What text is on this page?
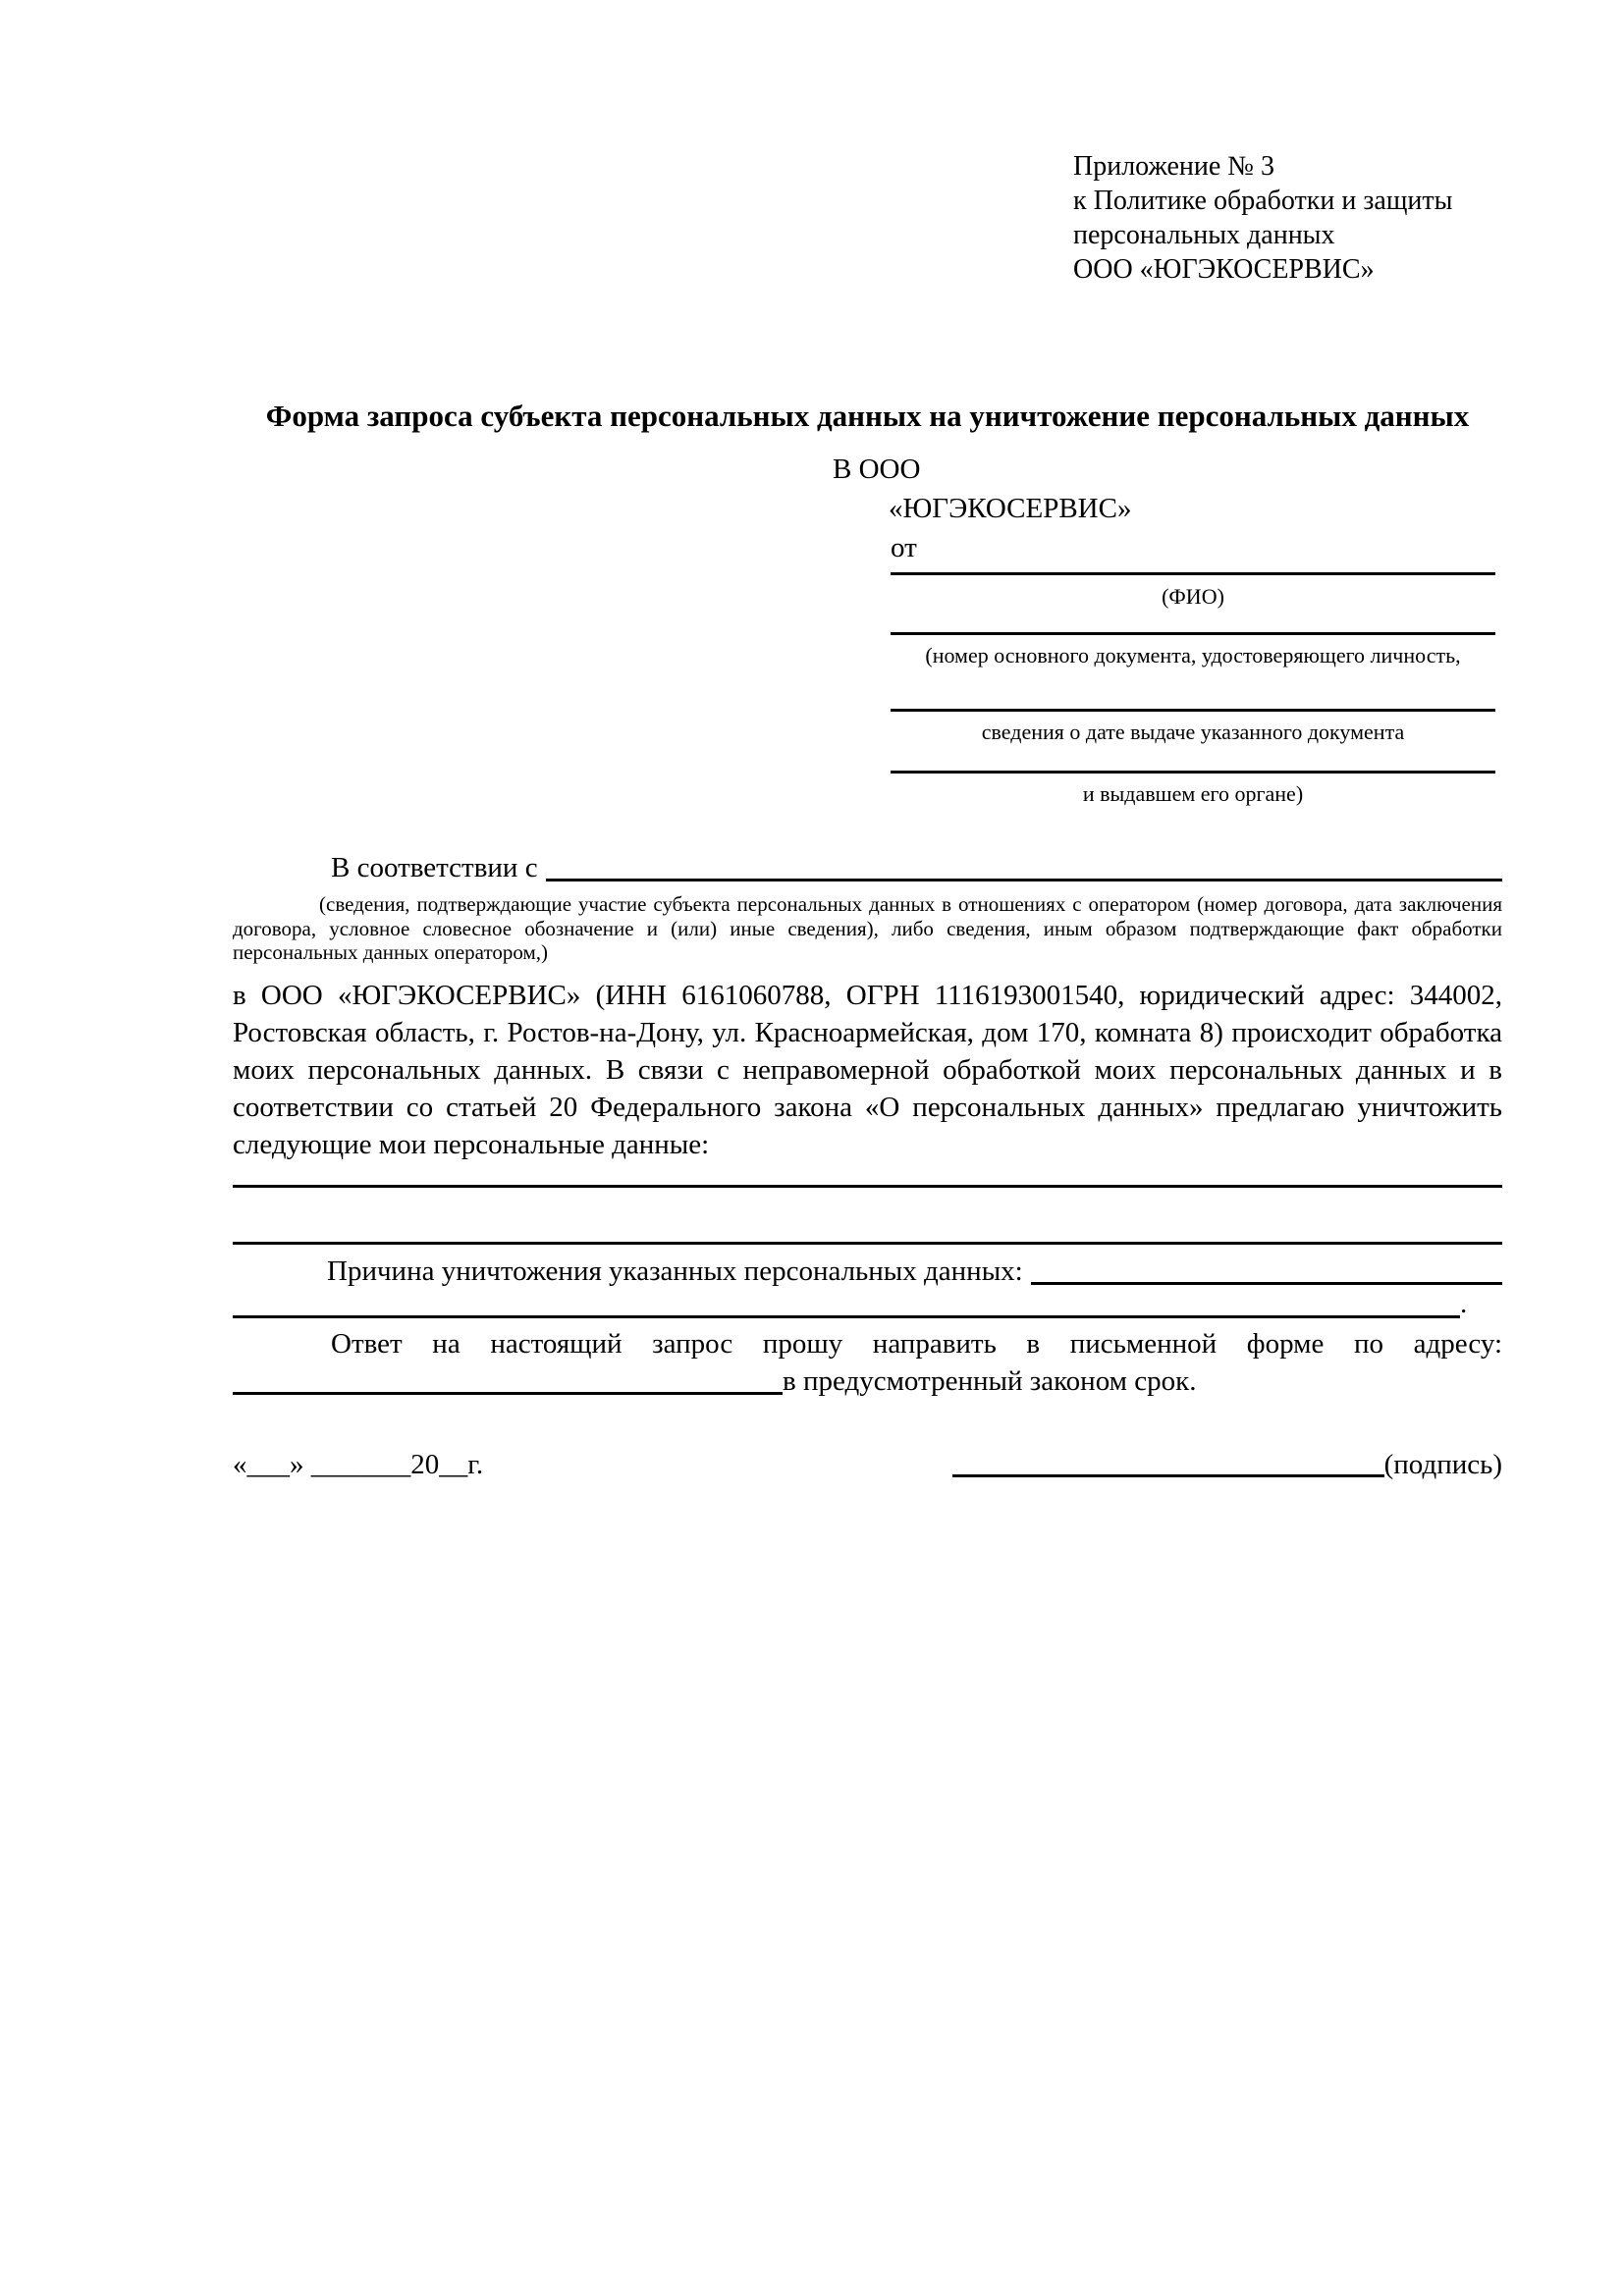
Приложение № 3
к Политике обработки и защиты
персональных данных
ООО «ЮГЭКОСЕРВИС»
Форма запроса субъекта персональных данных на уничтожение персональных данных
В ООО
«ЮГЭКОСЕРВИС»
от
(ФИО)
(номер основного документа, удостоверяющего личность,
сведения о дате выдаче указанного документа
и выдавшем его органе)
В соответствии с
(сведения, подтверждающие участие субъекта персональных данных в отношениях с оператором (номер договора, дата заключения договора, условное словесное обозначение и (или) иные сведения), либо сведения, иным образом подтверждающие факт обработки персональных данных оператором,)
в ООО «ЮГЭКОСЕРВИС» (ИНН 6161060788, ОГРН 1116193001540, юридический адрес: 344002, Ростовская область, г. Ростов-на-Дону, ул. Красноармейская, дом 170, комната 8) происходит обработка моих персональных данных. В связи с неправомерной обработкой моих персональных данных и в соответствии со статьей 20 Федерального закона «О персональных данных» предлагаю уничтожить следующие мои персональные данные:
Причина уничтожения указанных персональных данных:
.
Ответ на настоящий запрос прошу направить в письменной форме по адресу:
в предусмотренный законом срок.
«___» _______20__г.	(подпись)
